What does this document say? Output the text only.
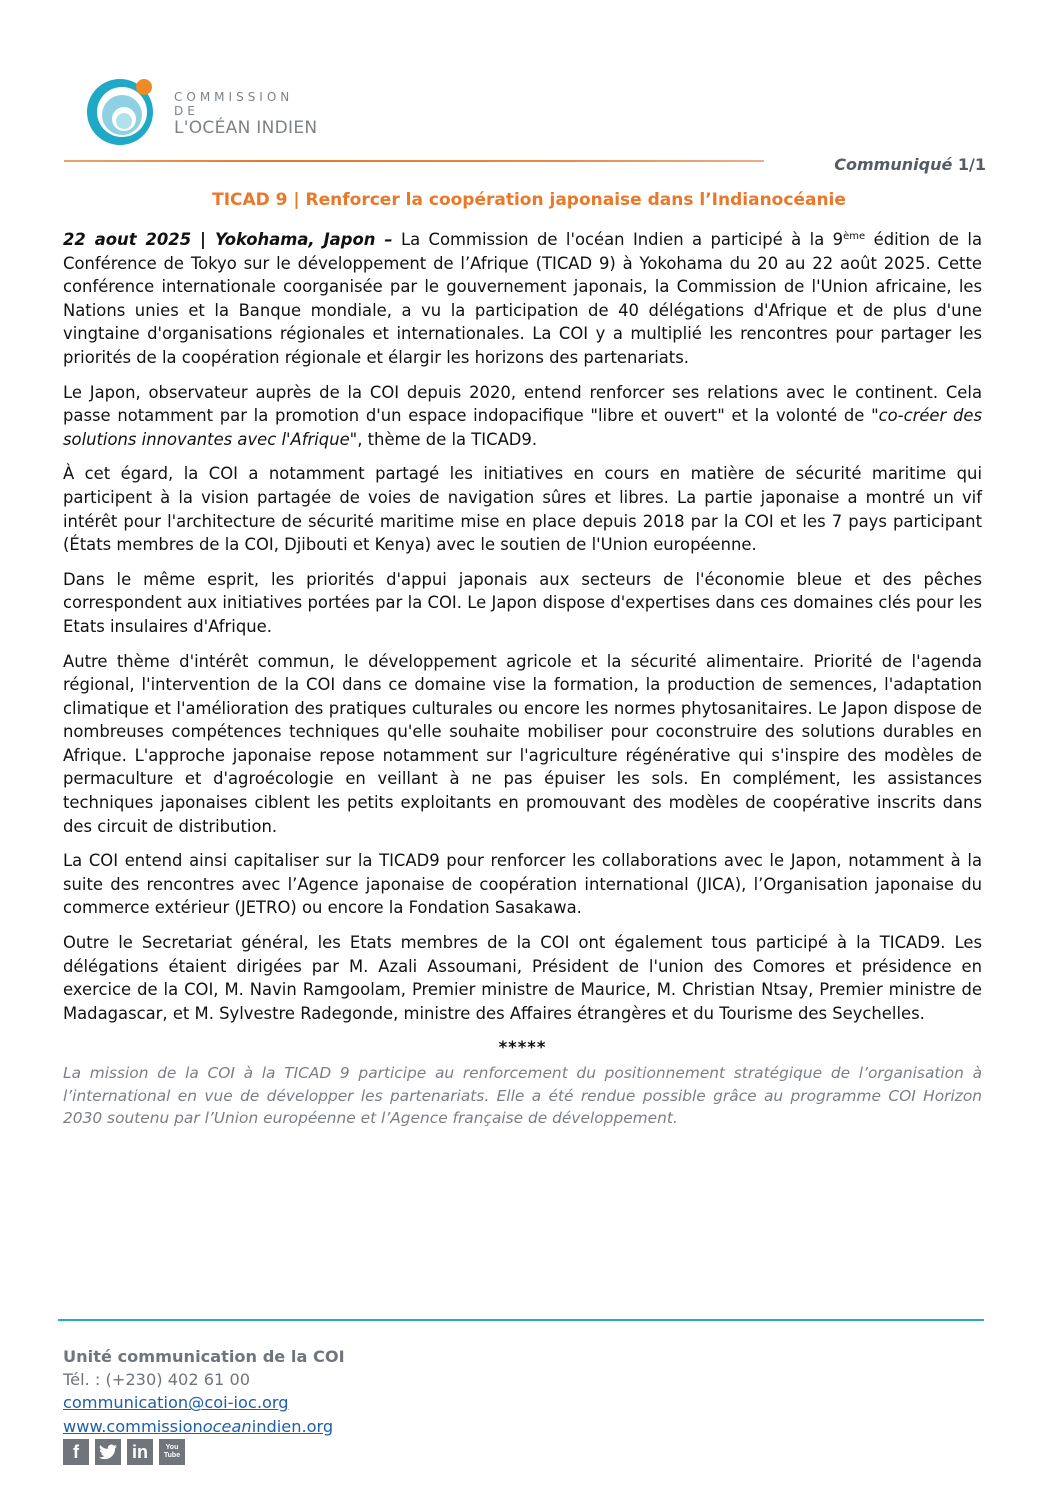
COMMISSION DE
L'OCÉAN INDIEN
Communiqué 1/1
TICAD 9 | Renforcer la coopération japonaise dans l’Indianocéanie

22 aout 2025 | Yokohama, Japon – La Commission de l'océan Indien a participé à la 9ème édition de la Conférence de Tokyo sur le développement de l’Afrique (TICAD 9) à Yokohama du 20 au 22 août 2025. Cette conférence internationale coorganisée par le gouvernement japonais, la Commission de l'Union africaine, les Nations unies et la Banque mondiale, a vu la participation de 40 délégations d'Afrique et de plus d'une vingtaine d'organisations régionales et internationales. La COI y a multiplié les rencontres pour partager les priorités de la coopération régionale et élargir les horizons des partenariats.

Le Japon, observateur auprès de la COI depuis 2020, entend renforcer ses relations avec le continent. Cela passe notamment par la promotion d'un espace indopacifique "libre et ouvert" et la volonté de "co-créer des solutions innovantes avec l'Afrique", thème de la TICAD9.

À cet égard, la COI a notamment partagé les initiatives en cours en matière de sécurité maritime qui participent à la vision partagée de voies de navigation sûres et libres. La partie japonaise a montré un vif intérêt pour l'architecture de sécurité maritime mise en place depuis 2018 par la COI et les 7 pays participant (États membres de la COI, Djibouti et Kenya) avec le soutien de l'Union européenne.

Dans le même esprit, les priorités d'appui japonais aux secteurs de l'économie bleue et des pêches correspondent aux initiatives portées par la COI. Le Japon dispose d'expertises dans ces domaines clés pour les Etats insulaires d'Afrique.

Autre thème d'intérêt commun, le développement agricole et la sécurité alimentaire. Priorité de l'agenda régional, l'intervention de la COI dans ce domaine vise la formation, la production de semences, l'adaptation climatique et l'amélioration des pratiques culturales ou encore les normes phytosanitaires. Le Japon dispose de nombreuses compétences techniques qu'elle souhaite mobiliser pour coconstruire des solutions durables en Afrique. L'approche japonaise repose notamment sur l'agriculture régénérative qui s'inspire des modèles de permaculture et d'agroécologie en veillant à ne pas épuiser les sols. En complément, les assistances techniques japonaises ciblent les petits exploitants en promouvant des modèles de coopérative inscrits dans des circuit de distribution.

La COI entend ainsi capitaliser sur la TICAD9 pour renforcer les collaborations avec le Japon, notamment à la suite des rencontres avec l’Agence japonaise de coopération international (JICA), l’Organisation japonaise du commerce extérieur (JETRO) ou encore la Fondation Sasakawa.

Outre le Secretariat général, les Etats membres de la COI ont également tous participé à la TICAD9. Les délégations étaient dirigées par M. Azali Assoumani, Président de l'union des Comores et présidence en exercice de la COI, M. Navin Ramgoolam, Premier ministre de Maurice, M. Christian Ntsay, Premier ministre de Madagascar, et M. Sylvestre Radegonde, ministre des Affaires étrangères et du Tourisme des Seychelles.

*****

La mission de la COI à la TICAD 9 participe au renforcement du positionnement stratégique de l’organisation à l’international en vue de développer les partenariats. Elle a été rendue possible grâce au programme COI Horizon 2030 soutenu par l’Union européenne et l’Agence française de développement.

Unité communication de la COI
Tél. : (+230) 402 61 00
communication@coi-ioc.org
www.commissionoceanindien.org
f	in	You
Tube
